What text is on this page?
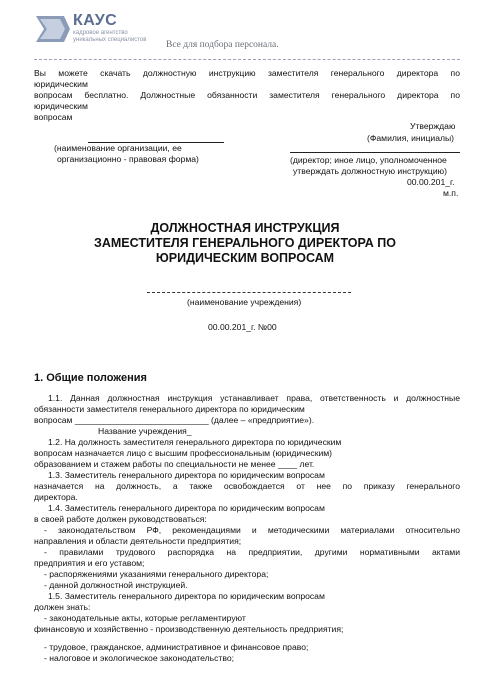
КАУС
кадровое агентство
уникальных специалистов Все для подбора персонала.
Вы можете скачать должностную инструкцию заместителя генерального директора по
юридическим
вопросам бесплатно. Должностные обязанности заместителя генерального директора по
юридическим
вопросам
Утверждаю
(Фамилия, инициалы)
(наименование организации, ее
организационно - правовая форма)	(директор; иное лицо, уполномоченное
утверждать должностную инструкцию)
00.00.201_г.
м.п.
ДОЛЖНОСТНАЯ ИНСТРУКЦИЯ
ЗАМЕСТИТЕЛЯ ГЕНЕРАЛЬНОГО ДИРЕКТОРА ПО
ЮРИДИЧЕСКИМ ВОПРОСАМ
(наименование учреждения)
00.00.201_г. №00
1. Общие положения
1.1. Данная должностная инструкция устанавливает права, ответственность и должностные
обязанности заместителя генерального директора по юридическим
вопросам ____________________________ (далее – «предприятие»).
Название учреждения_
1.2. На должность заместителя генерального директора по юридическим
вопросам назначается лицо с высшим профессиональным (юридическим)
образованием и стажем работы по специальности не менее ____ лет.
1.3. Заместитель генерального директора по юридическим вопросам
назначается на должность, а также освобождается от нее по приказу генерального
директора.
1.4. Заместитель генерального директора по юридическим вопросам
в своей работе должен руководствоваться:
- законодательством РФ, рекомендациями и методическими материалами относительно
направления и области деятельности предприятия;
- правилами трудового распорядка на предприятии, другими нормативными актами
предприятия и его уставом;
- распоряжениями указаниями генерального директора;
- данной должностной инструкцией.
1.5. Заместитель генерального директора по юридическим вопросам
должен знать:
- законодательные акты, которые регламентируют
финансовую и хозяйственно - производственную деятельность предприятия;
- трудовое, гражданское, административное и финансовое право;
- налоговое и экологическое законодательство;
